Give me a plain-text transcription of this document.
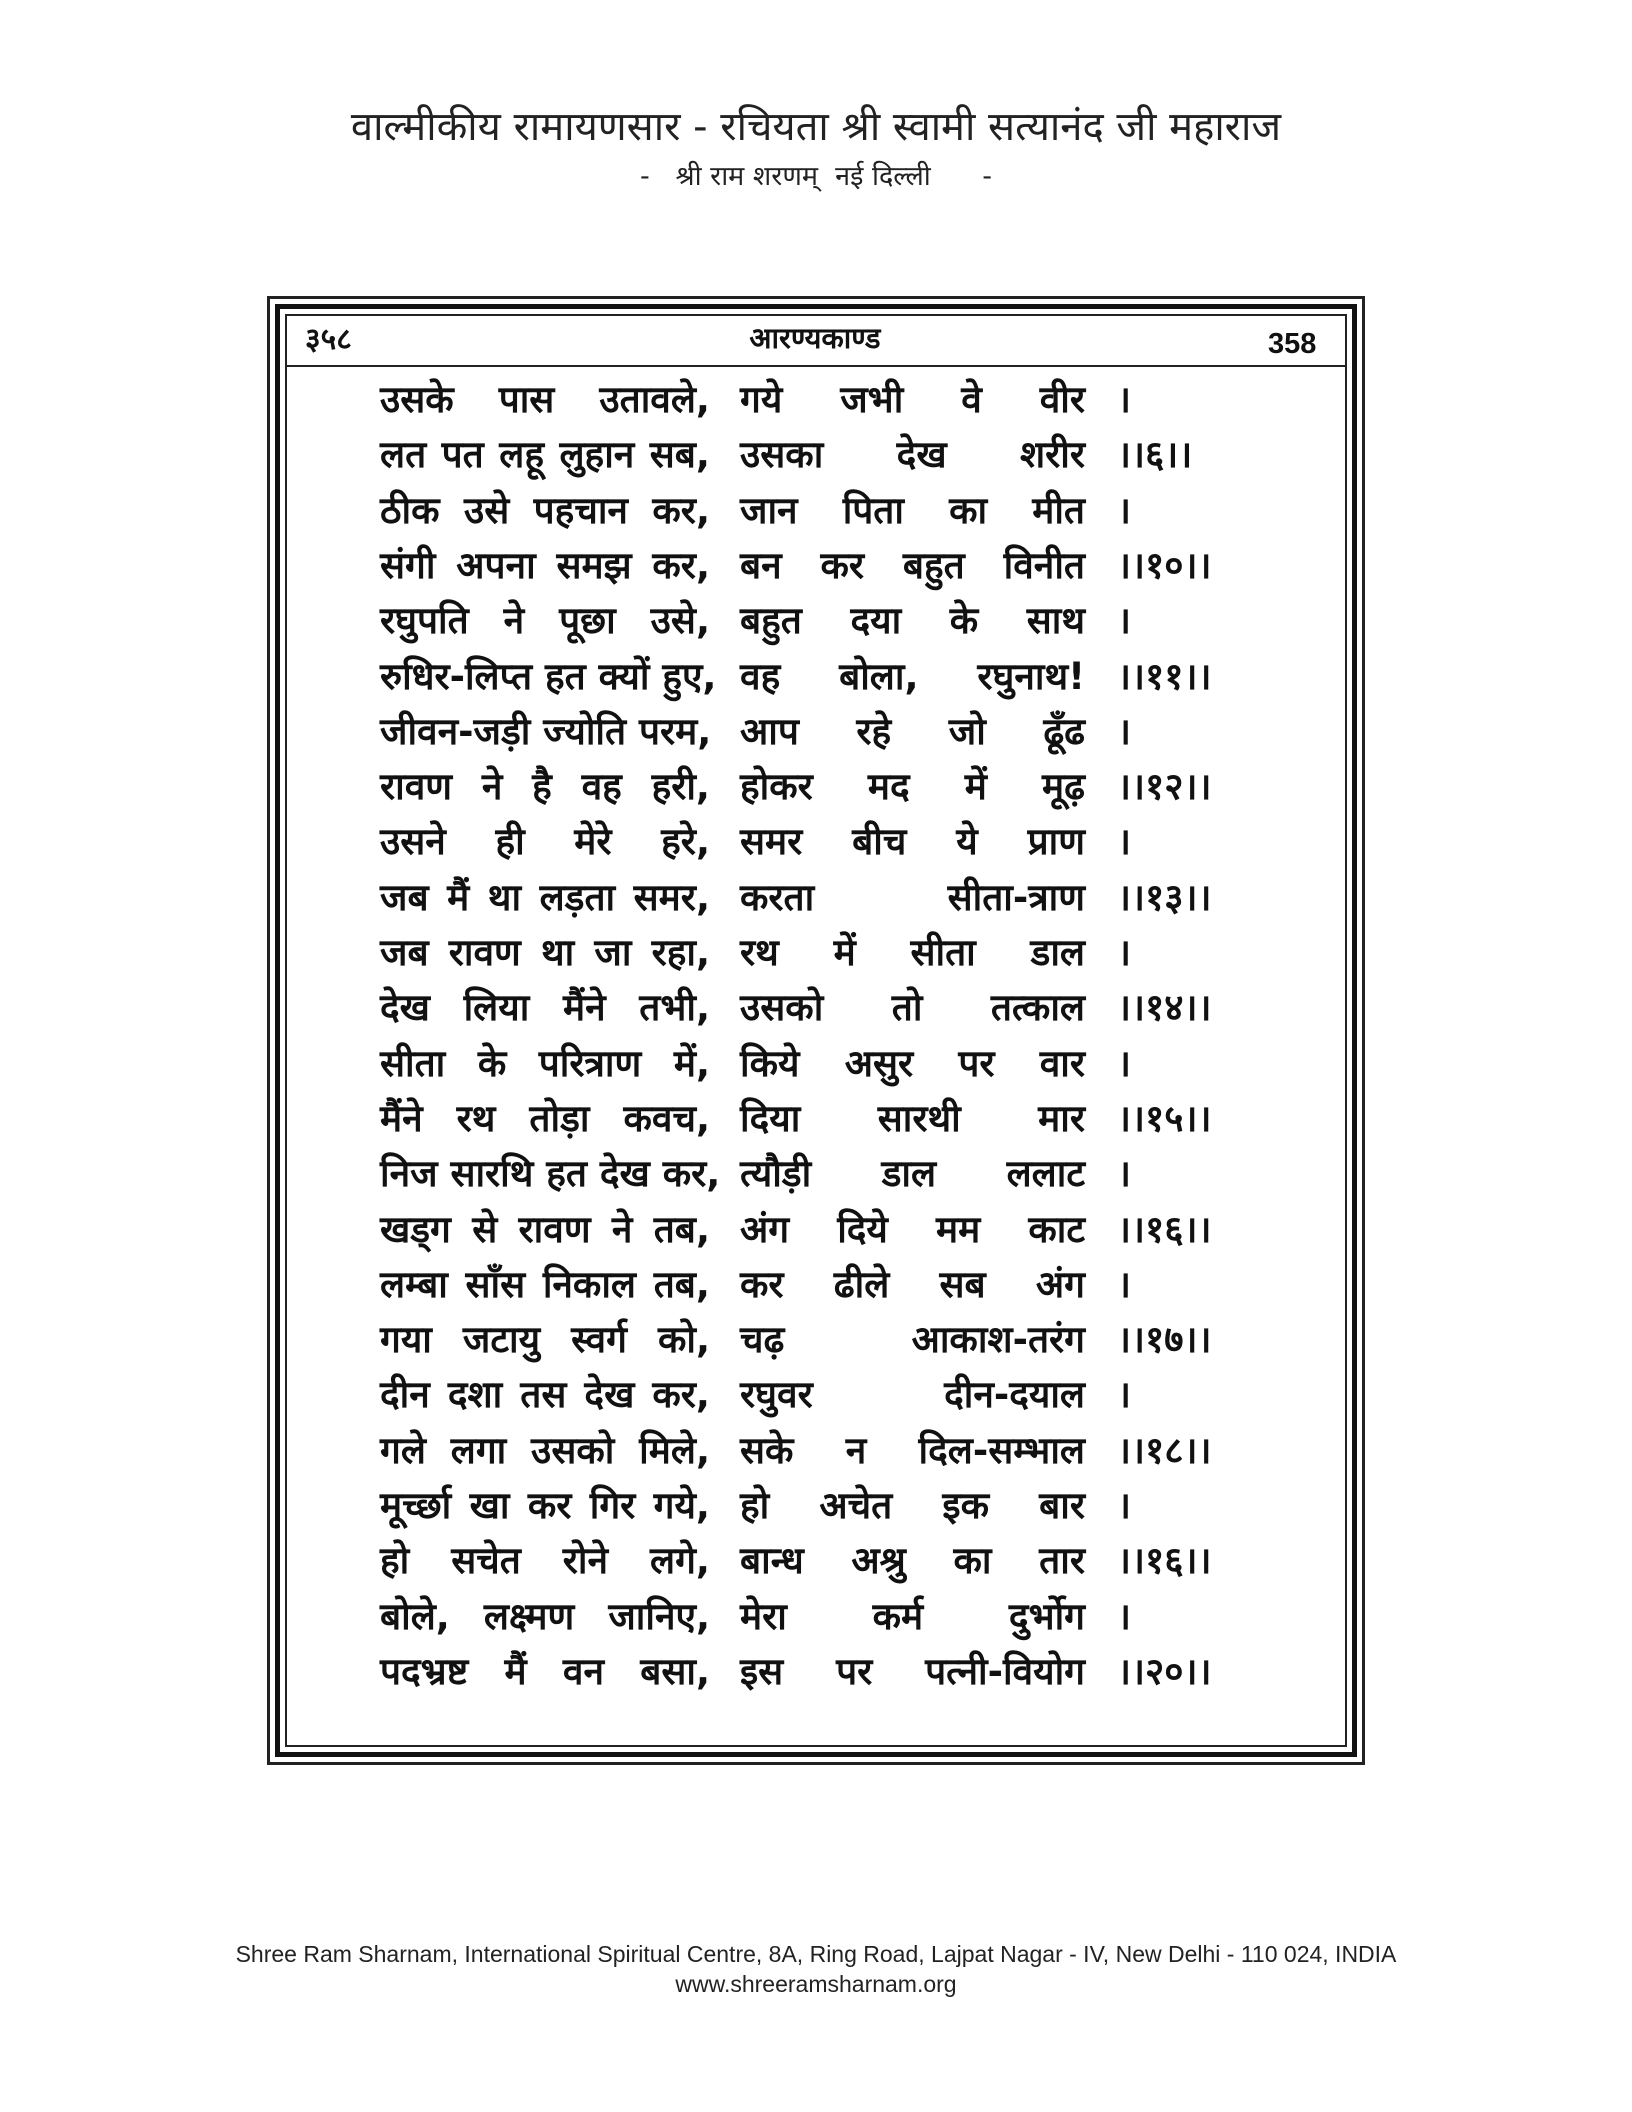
वाल्मीकीय रामायणसार - रचियता श्री स्वामी सत्यानंद जी महाराज
-   श्री राम शरणम्  नई दिल्ली      -
३५८	आरण्यकाण्ड	358
उसके पास उतावले, गये जभी वे वीर ।
लत पत लहू लुहान सब, उसका देख शरीर ।।६।।
ठीक उसे पहचान कर, जान पिता का मीत ।
संगी अपना समझ कर, बन कर बहुत विनीत ।।१०।।
रघुपति ने पूछा उसे, बहुत दया के साथ ।
रुधिर-लिप्त हत क्यों हुए, वह बोला, रघुनाथ! ।।११।।
जीवन-जड़ी ज्योति परम, आप रहे जो ढूँढ ।
रावण ने है वह हरी, होकर मद में मूढ़ ।।१२।।
उसने ही मेरे हरे, समर बीच ये प्राण ।
जब मैं था लड़ता समर, करता सीता-त्राण ।।१३।।
जब रावण था जा रहा, रथ में सीता डाल ।
देख लिया मैंने तभी, उसको तो तत्काल ।।१४।।
सीता के परित्राण में, किये असुर पर वार ।
मैंने रथ तोड़ा कवच, दिया सारथी मार ।।१५।।
निज सारथि हत देख कर, त्यौड़ी डाल ललाट ।
खड्ग से रावण ने तब, अंग दिये मम काट ।।१६।।
लम्बा साँस निकाल तब, कर ढीले सब अंग ।
गया जटायु स्वर्ग को, चढ़ आकाश-तरंग ।।१७।।
दीन दशा तस देख कर, रघुवर दीन-दयाल ।
गले लगा उसको मिले, सके न दिल-सम्भाल ।।१८।।
मूर्च्छा खा कर गिर गये, हो अचेत इक बार ।
हो सचेत रोने लगे, बान्ध अश्रु का तार ।।१६।।
बोले, लक्ष्मण जानिए, मेरा कर्म दुर्भोग ।
पदभ्रष्ट मैं वन बसा, इस पर पत्नी-वियोग ।।२०।।
Shree Ram Sharnam, International Spiritual Centre, 8A, Ring Road, Lajpat Nagar - IV, New Delhi - 110 024, INDIA
www.shreeramsharnam.org
